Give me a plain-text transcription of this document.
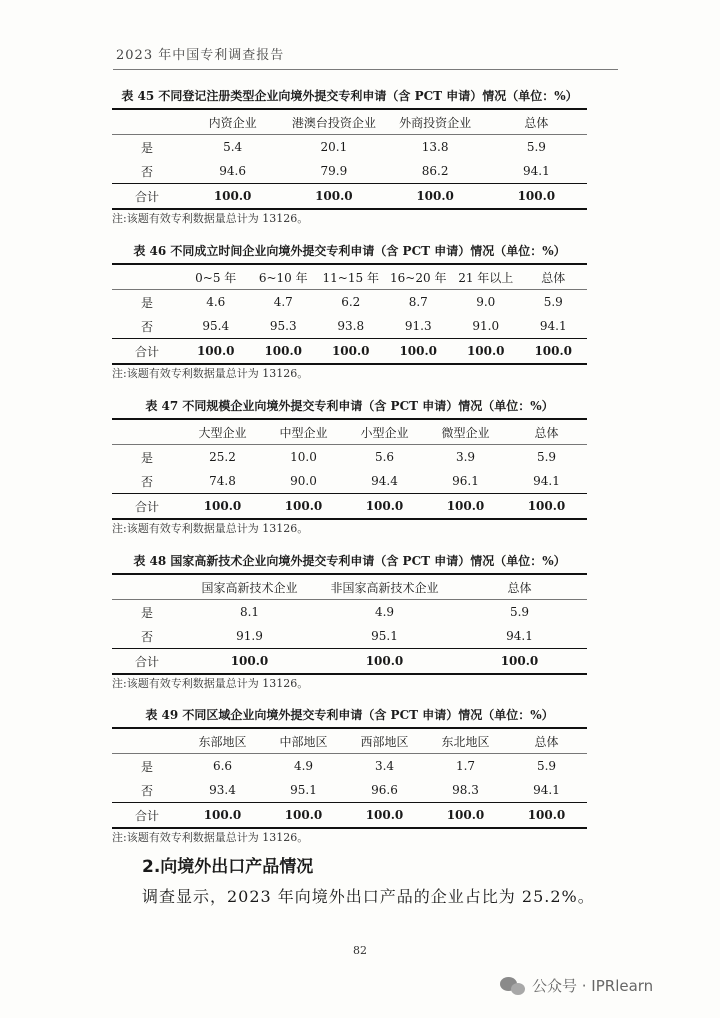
2023 年中国专利调查报告
表 45 不同登记注册类型企业向境外提交专利申请（含 PCT 申请）情况（单位：%）
	内资企业	港澳台投资企业	外商投资企业	总体
是	5.4	20.1	13.8	5.9
否	94.6	79.9	86.2	94.1
合计	100.0	100.0	100.0	100.0
注:该题有效专利数据量总计为 13126。
表 46 不同成立时间企业向境外提交专利申请（含 PCT 申请）情况（单位：%）
	0~5 年	6~10 年	11~15 年	16~20 年	21 年以上	总体
是	4.6	4.7	6.2	8.7	9.0	5.9
否	95.4	95.3	93.8	91.3	91.0	94.1
合计	100.0	100.0	100.0	100.0	100.0	100.0
注:该题有效专利数据量总计为 13126。
表 47 不同规模企业向境外提交专利申请（含 PCT 申请）情况（单位：%）
	大型企业	中型企业	小型企业	微型企业	总体
是	25.2	10.0	5.6	3.9	5.9
否	74.8	90.0	94.4	96.1	94.1
合计	100.0	100.0	100.0	100.0	100.0
注:该题有效专利数据量总计为 13126。
表 48 国家高新技术企业向境外提交专利申请（含 PCT 申请）情况（单位：%）
	国家高新技术企业	非国家高新技术企业	总体
是	8.1	4.9	5.9
否	91.9	95.1	94.1
合计	100.0	100.0	100.0
注:该题有效专利数据量总计为 13126。
表 49 不同区域企业向境外提交专利申请（含 PCT 申请）情况（单位：%）
	东部地区	中部地区	西部地区	东北地区	总体
是	6.6	4.9	3.4	1.7	5.9
否	93.4	95.1	96.6	98.3	94.1
合计	100.0	100.0	100.0	100.0	100.0
注:该题有效专利数据量总计为 13126。
2.向境外出口产品情况
调查显示，2023 年向境外出口产品的企业占比为 25.2%。
82
公众号 · IPRlearn
